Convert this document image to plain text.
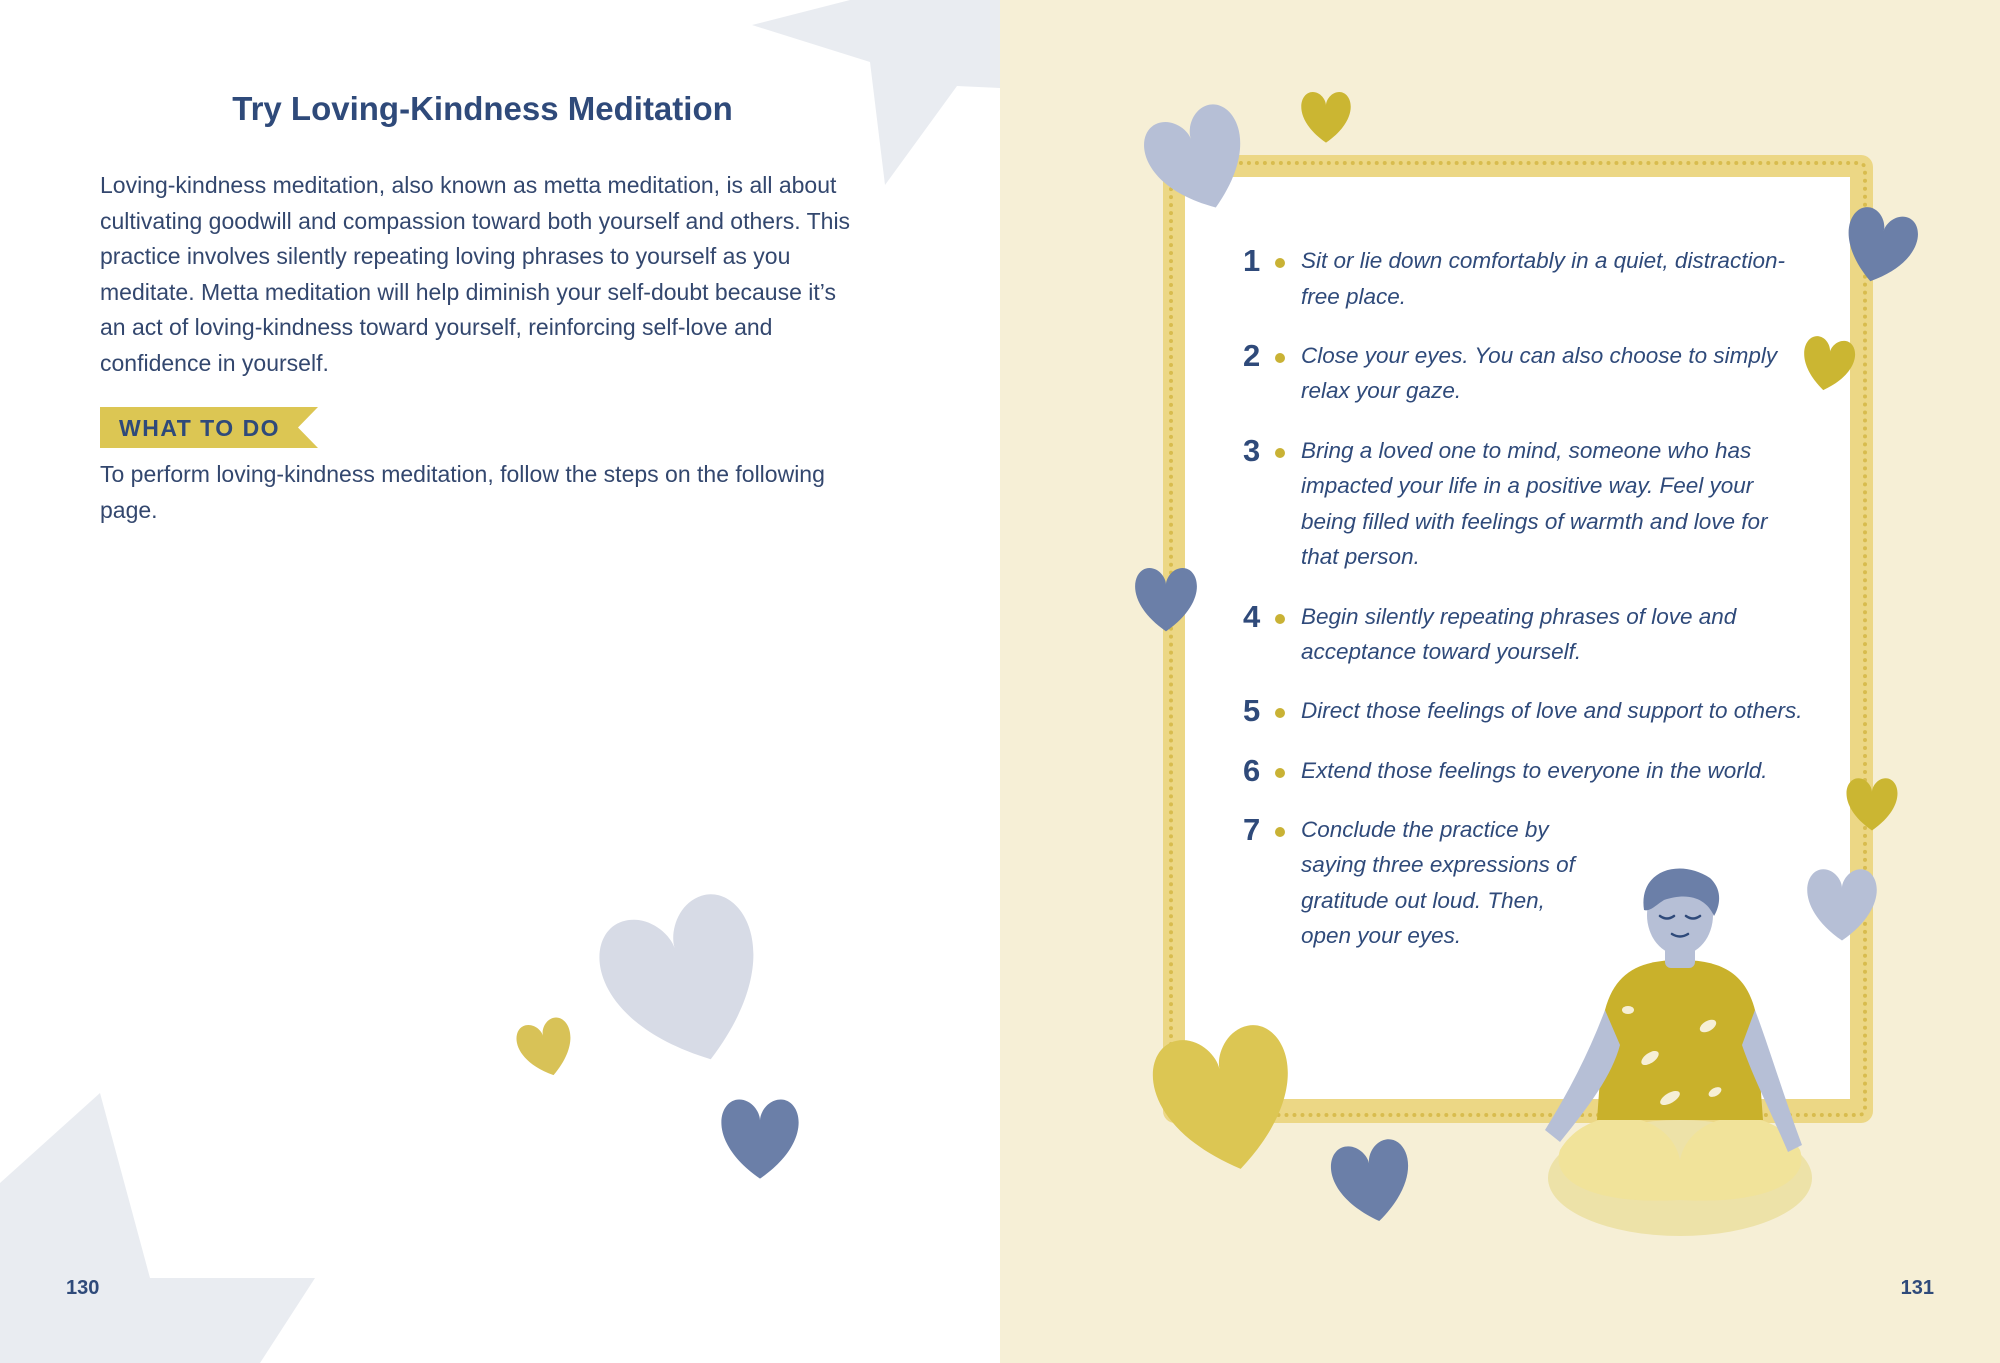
Try Loving-Kindness Meditation

Loving-kindness meditation, also known as metta meditation, is all about cultivating goodwill and compassion toward both yourself and others. This practice involves silently repeating loving phrases to yourself as you meditate. Metta meditation will help diminish your self-doubt because it’s an act of loving-kindness toward yourself, reinforcing self-love and confidence in yourself.

WHAT TO DO

To perform loving-kindness meditation, follow the steps on the following page.

130
1 Sit or lie down comfortably in a quiet, distraction-free place.
2 Close your eyes. You can also choose to simply relax your gaze.
3 Bring a loved one to mind, someone who has impacted your life in a positive way. Feel your being filled with feelings of warmth and love for that person.
4 Begin silently repeating phrases of love and acceptance toward yourself.
5 Direct those feelings of love and support to others.
6 Extend those feelings to everyone in the world.
7 Conclude the practice by saying three expressions of gratitude out loud. Then, open your eyes.
131
